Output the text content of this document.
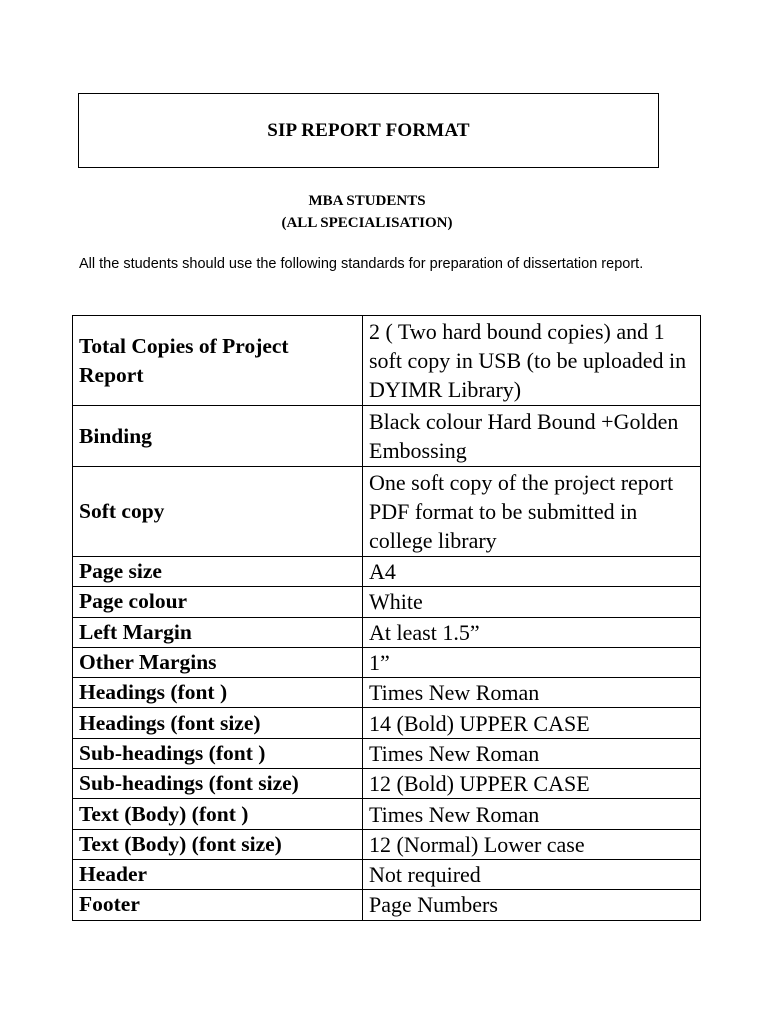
SIP REPORT FORMAT
MBA STUDENTS
(ALL SPECIALISATION)
All the students should use the following standards for preparation of dissertation report.
Total Copies of Project Report	2 ( Two hard bound copies) and 1 soft copy in USB (to be uploaded in DYIMR Library)
Binding	Black colour Hard Bound +Golden Embossing
Soft copy	One soft copy of the project report PDF format to be submitted in college library
Page size	A4
Page colour	White
Left Margin	At least 1.5”
Other Margins	1”
Headings (font )	Times New Roman
Headings (font size)	14 (Bold) UPPER CASE
Sub-headings (font )	Times New Roman
Sub-headings (font size)	12 (Bold) UPPER CASE
Text (Body) (font )	Times New Roman
Text (Body) (font size)	12 (Normal) Lower case
Header	Not required
Footer	Page Numbers
